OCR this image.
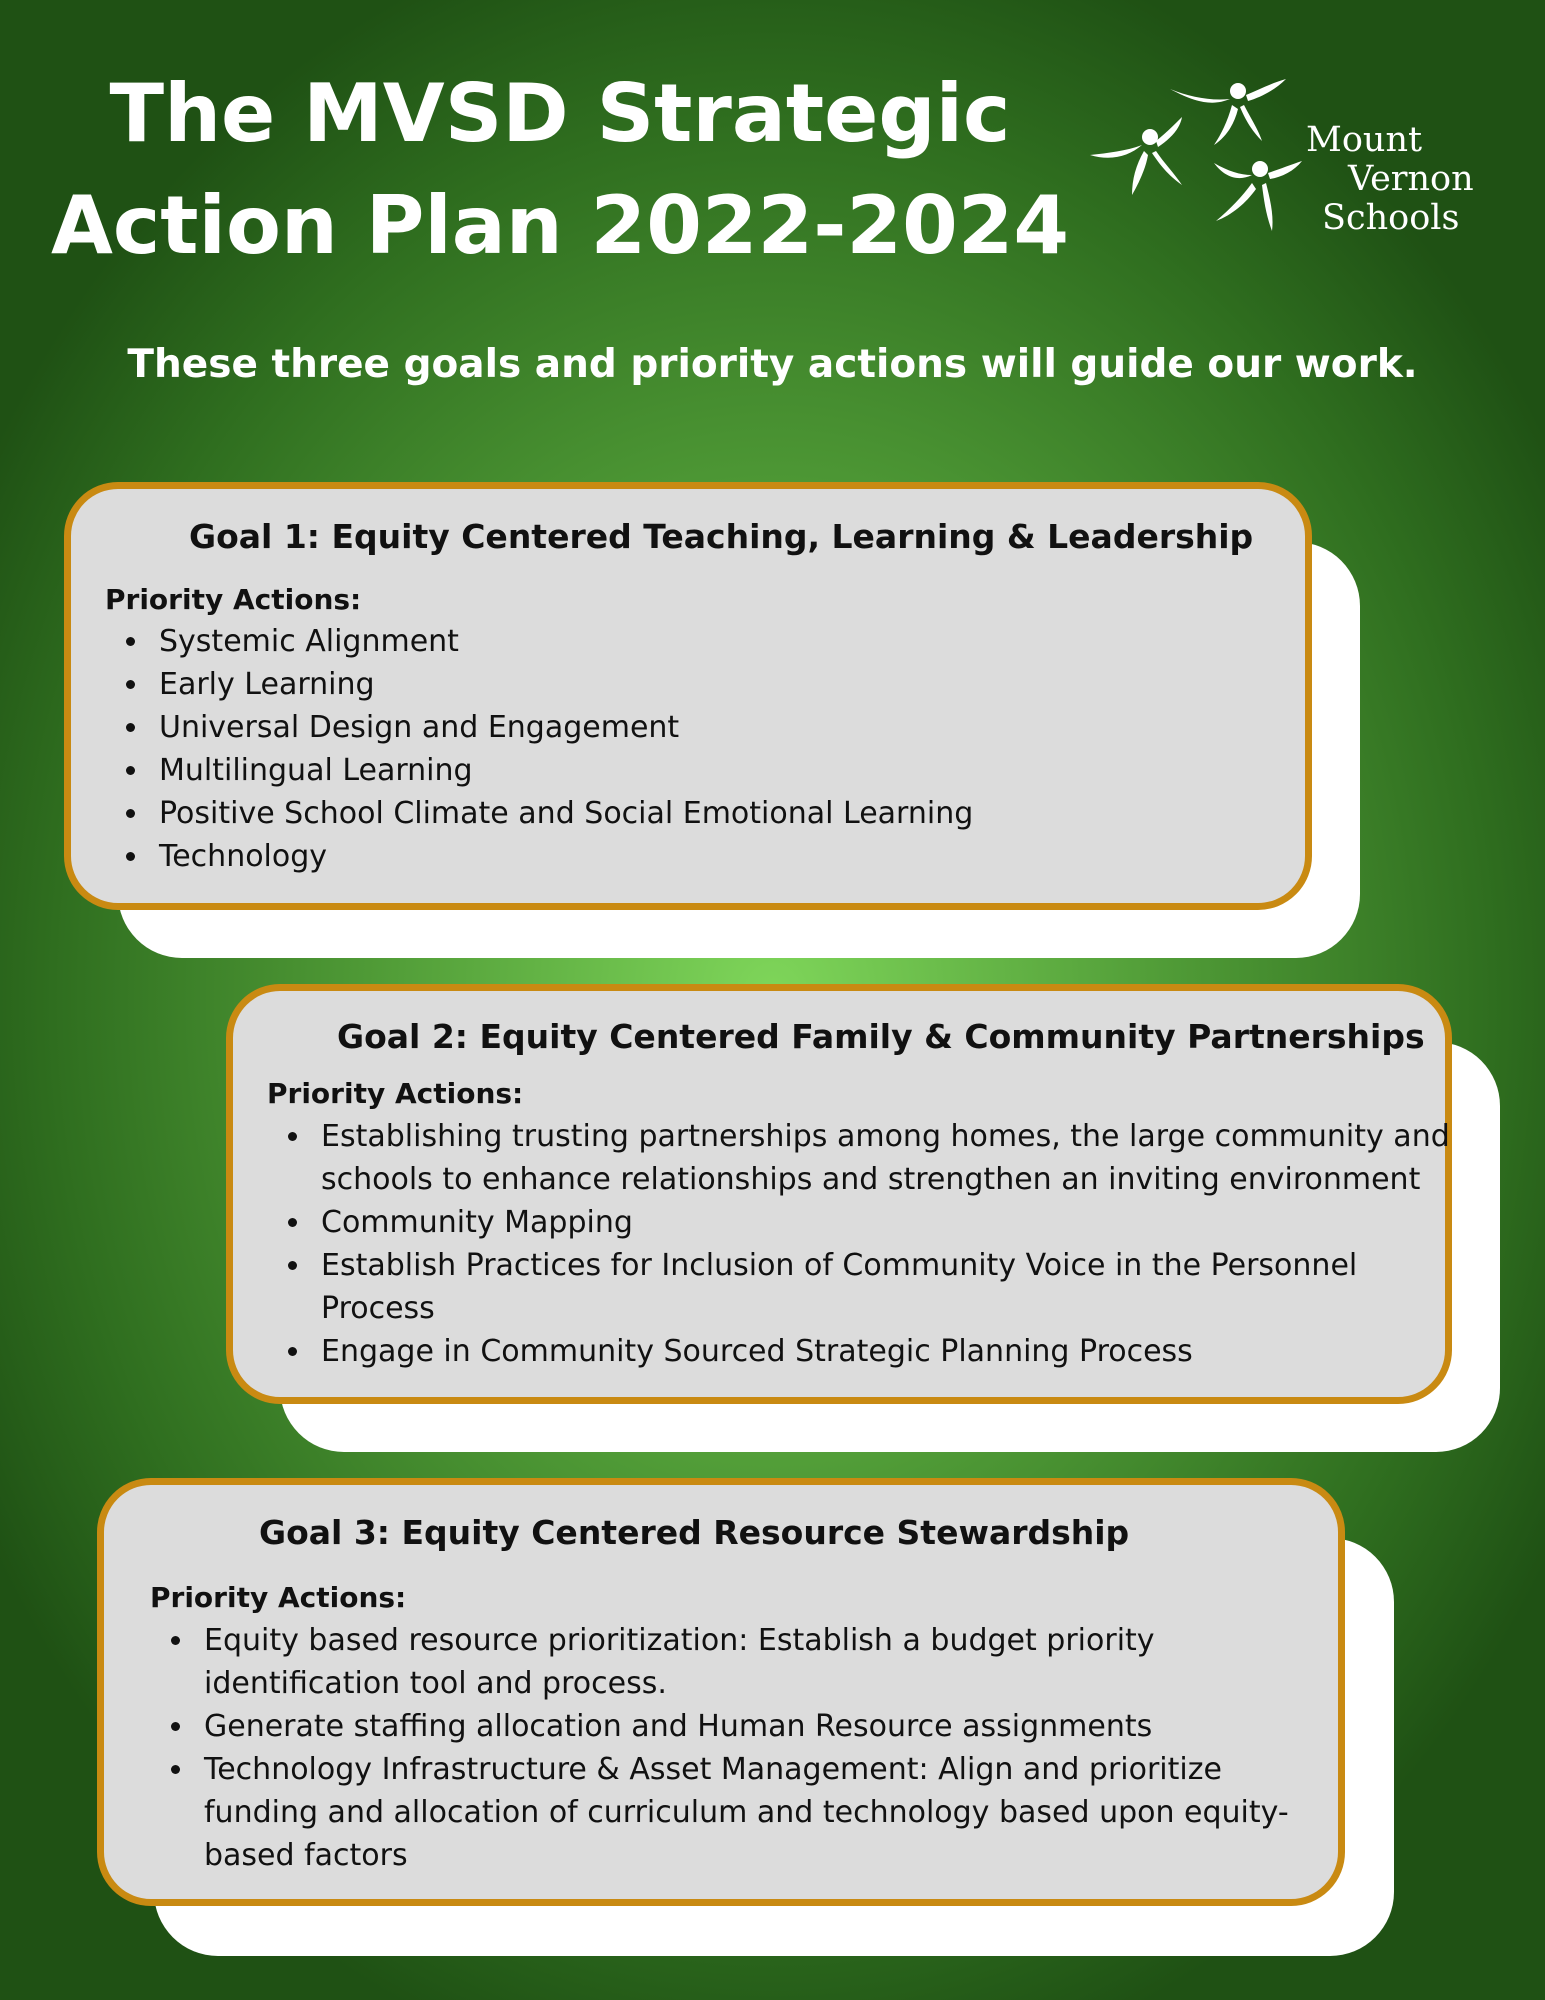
The MVSD Strategic
Action Plan 2022-2024
Mount
Vernon
Schools

These three goals and priority actions will guide our work.

Goal 1: Equity Centered Teaching, Learning & Leadership

Priority Actions:

• Systemic Alignment
• Early Learning
• Universal Design and Engagement
• Multilingual Learning
• Positive School Climate and Social Emotional Learning
• Technology
Goal 2: Equity Centered Family & Community Partnerships

Priority Actions:

• Establishing trusting partnerships among homes, the large community and schools to enhance relationships and strengthen an inviting environment
• Community Mapping
• Establish Practices for Inclusion of Community Voice in the Personnel Process
• Engage in Community Sourced Strategic Planning Process
Goal 3: Equity Centered Resource Stewardship

Priority Actions:

• Equity based resource prioritization: Establish a budget priority identification tool and process.
• Generate staffing allocation and Human Resource assignments
• Technology Infrastructure & Asset Management: Align and prioritize funding and allocation of curriculum and technology based upon equity-based factors
